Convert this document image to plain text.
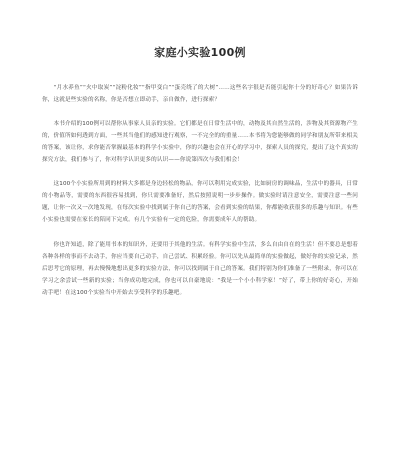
家庭小实验100例

“月水养鱼”“火中取炭”“淀粉化妆”“指甲变白”“蛋壳绕了的大树”……这些名字很是否能引起你十分的好奇心？如果告诉你，这就是些实验的名称，你是否想立即动手，亲自做作，进行探索？

本书介绍的100例可以帮你从事家人员亲的实验。它们都是在日常生活中的，动物及其自然生活的，涉物及其资源物产生的，价值所如何透到方面，一些其当他们的感知进行观察，一不完全的的重量……本书将为您能够做的同学和朋友所带来相关的答案，该让你，求你能否掌握最基本的科学小实验中，你的兴趣也会在开心的学习中，探索人员的探究，提出了这个真实的探究方法，我们参与了，你对科学认识更多的认识——你说第四次与我们相会！

这100个小实验所用到的材料大多都是身边轻松的物品，你可以利用完成实验，比如厨房的调味品，生活中的器具，日常的小物品等，需要的东西很容易找到，你只需要准备好，然后按照说明一步步操作。做实验时请注意安全，需要注意一些问题，让你一次又一次地发现，在每次实验中找到属于你自己的答案，会看到实验的结果，你都能收获很多的乐趣与知识。有些小实验也需要在家长的陪同下完成。有几个实验有一定的危险，你需要成年人的帮助。

你也许知道，除了能用书本的知识外，还要用于其他的生活。有科学实验中生活，多么自由自在的生活！但不要总是想着各种各样的事而不去动手，你应当要自己动手，自己尝试、积累经验。你可以先从最简单的实验做起，做好你的实验记录，然后思考它的原理，再去慢慢地想出更多的实验方法，你可以找到属于自己的答案。我们特别为你们准备了一些附录，你可以在学习之余尝试一些新的实验；当你成功地完成，你也可以自豪地说：“我是一个小小科学家！”好了，带上你的好奇心，开始动手吧！在这100个实验当中开始去享受科学的乐趣吧。
